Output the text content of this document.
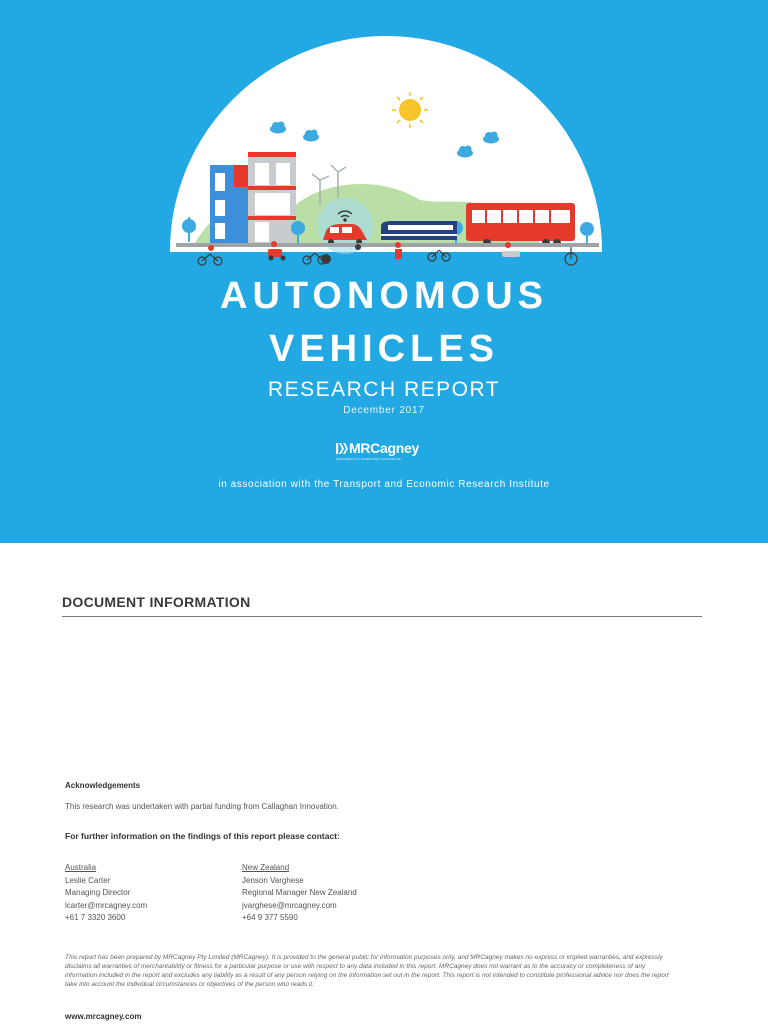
AUTONOMOUS
VEHICLES
RESEARCH REPORT
December 2017
MRCagney
MRCAGNEY PTY LIMITED ABN 73 069 196 300
in association with the Transport and Economic Research Institute
DOCUMENT INFORMATION
Acknowledgements
This research was undertaken with partial funding from Callaghan Innovation.
For further information on the findings of this report please contact:
Australia
Leslie Carter
Managing Director
lcarter@mrcagney.com
+61 7 3320 3600
New Zealand
Jenson Varghese
Regional Manager New Zealand
jvarghese@mrcagney.com
+64 9 377 5590
This report has been prepared by MRCagney Pty Limited (MRCagney). It is provided to the general public for information purposes only, and MRCagney makes no express or implied warranties, and expressly disclaims all warranties of merchantability or fitness for a particular purpose or use with respect to any data included in this report. MRCagney does not warrant as to the accuracy or completeness of any information included in the report and excludes any liability as a result of any person relying on the information set out in the report. This report is not intended to constitute professional advice nor does the report take into account the individual circumstances or objectives of the person who reads it.
www.mrcagney.com
